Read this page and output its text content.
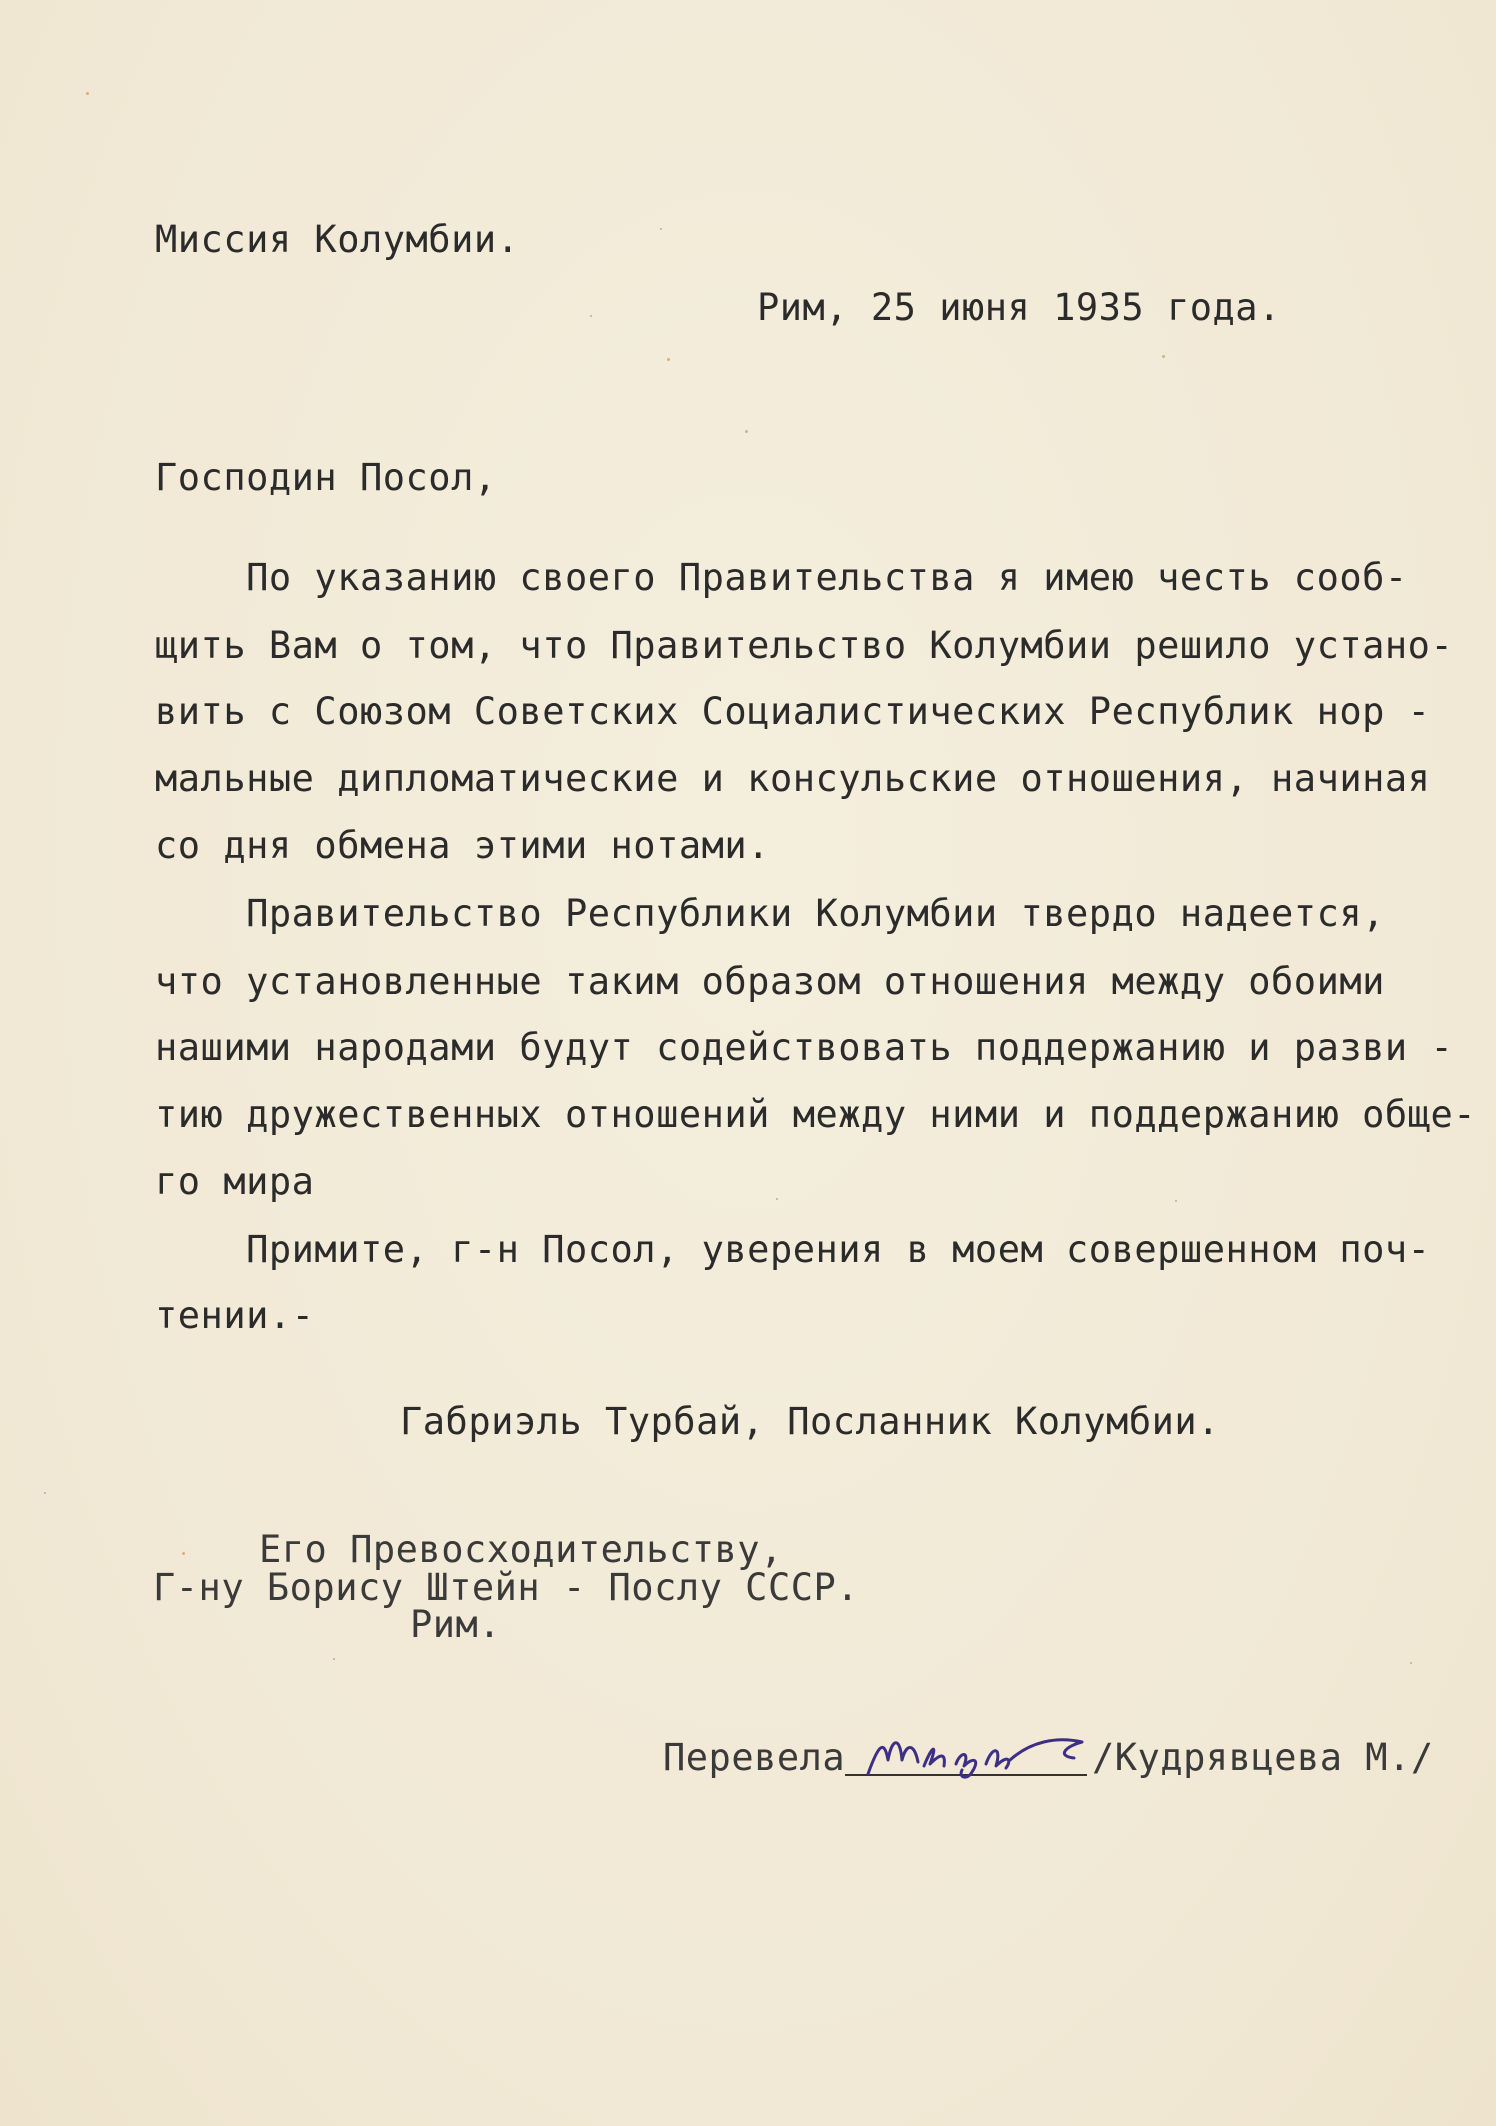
Миссия Колумбии.
Рим, 25 июня 1935 года.
Господин Посол,
По указанию своего Правительства я имею честь сооб-
щить Вам о том, что Правительство Колумбии решило устано-
вить с Союзом Советских Социалистических Республик нор -
мальные дипломатические и консульские отношения, начиная
со дня обмена этими нотами.
Правительство Республики Колумбии твердо надеется,
что установленные таким образом отношения между обоими
нашими народами будут содействовать поддержанию и разви -
тию дружественных отношений между ними и поддержанию обще-
го мира
Примите, г-н Посол, уверения в моем совершенном поч-
тении.-
Габриэль Турбай, Посланник Колумбии.
Его Превосходительству,
Г-ну Борису Штейн - Послу СССР.
Рим.
Перевела	/Кудрявцева М./
